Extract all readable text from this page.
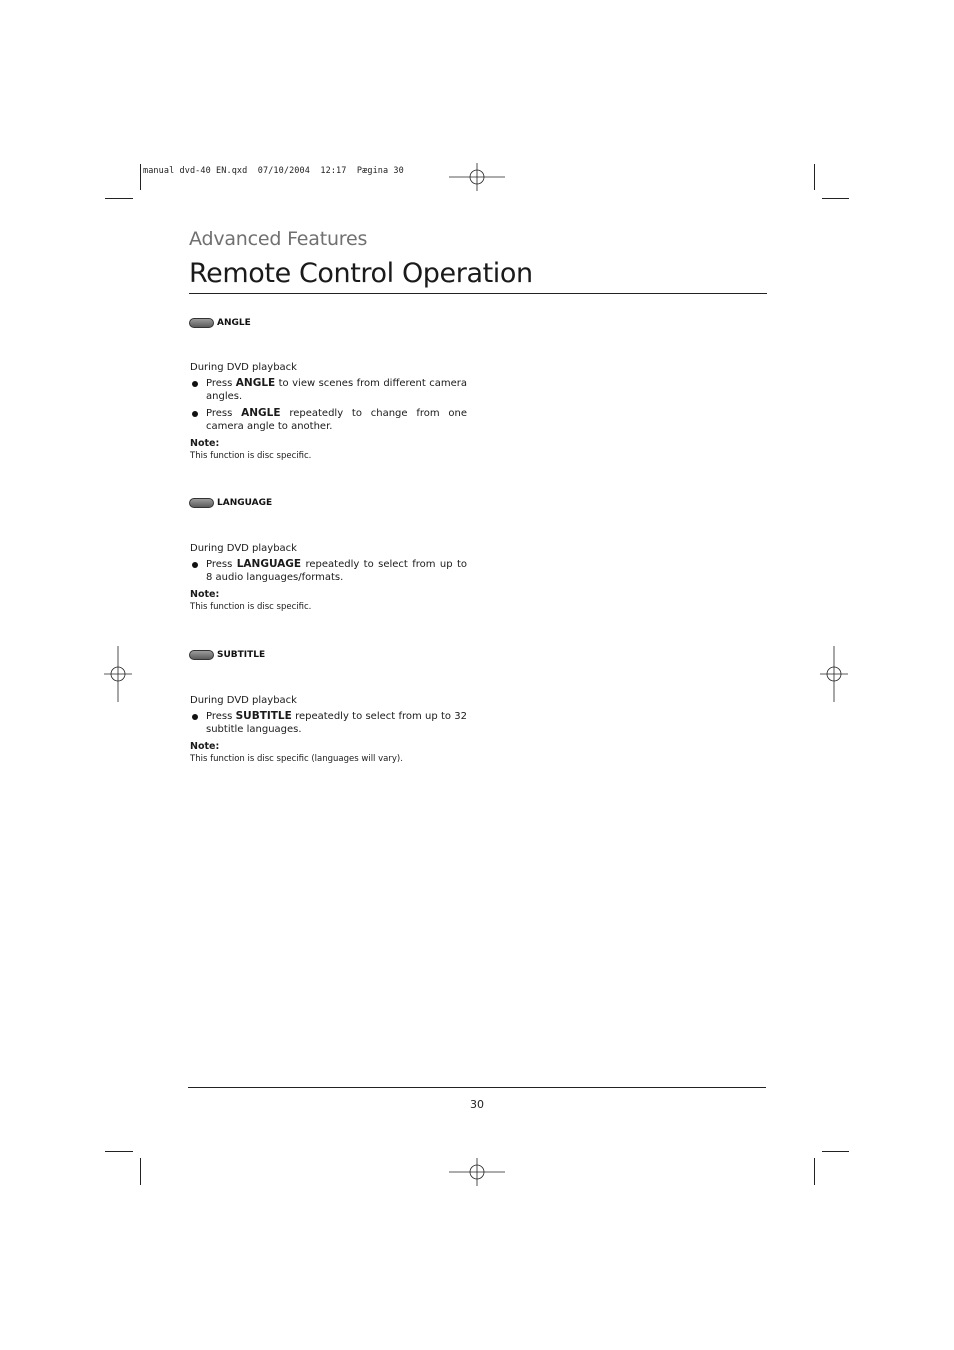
manual dvd-40 EN.qxd  07/10/2004  12:17  Pægina 30
Advanced Features
Remote Control Operation
ANGLE
During DVD playback
Press ANGLE to view scenes from different camera angles.
Press ANGLE repeatedly to change from one camera angle to another.
Note:
This function is disc specific.
LANGUAGE
During DVD playback
Press LANGUAGE repeatedly to select from up to 8 audio languages/formats.
Note:
This function is disc specific.
SUBTITLE
During DVD playback
Press SUBTITLE repeatedly to select from up to 32 subtitle languages.
Note:
This function is disc specific (languages will vary).
30
